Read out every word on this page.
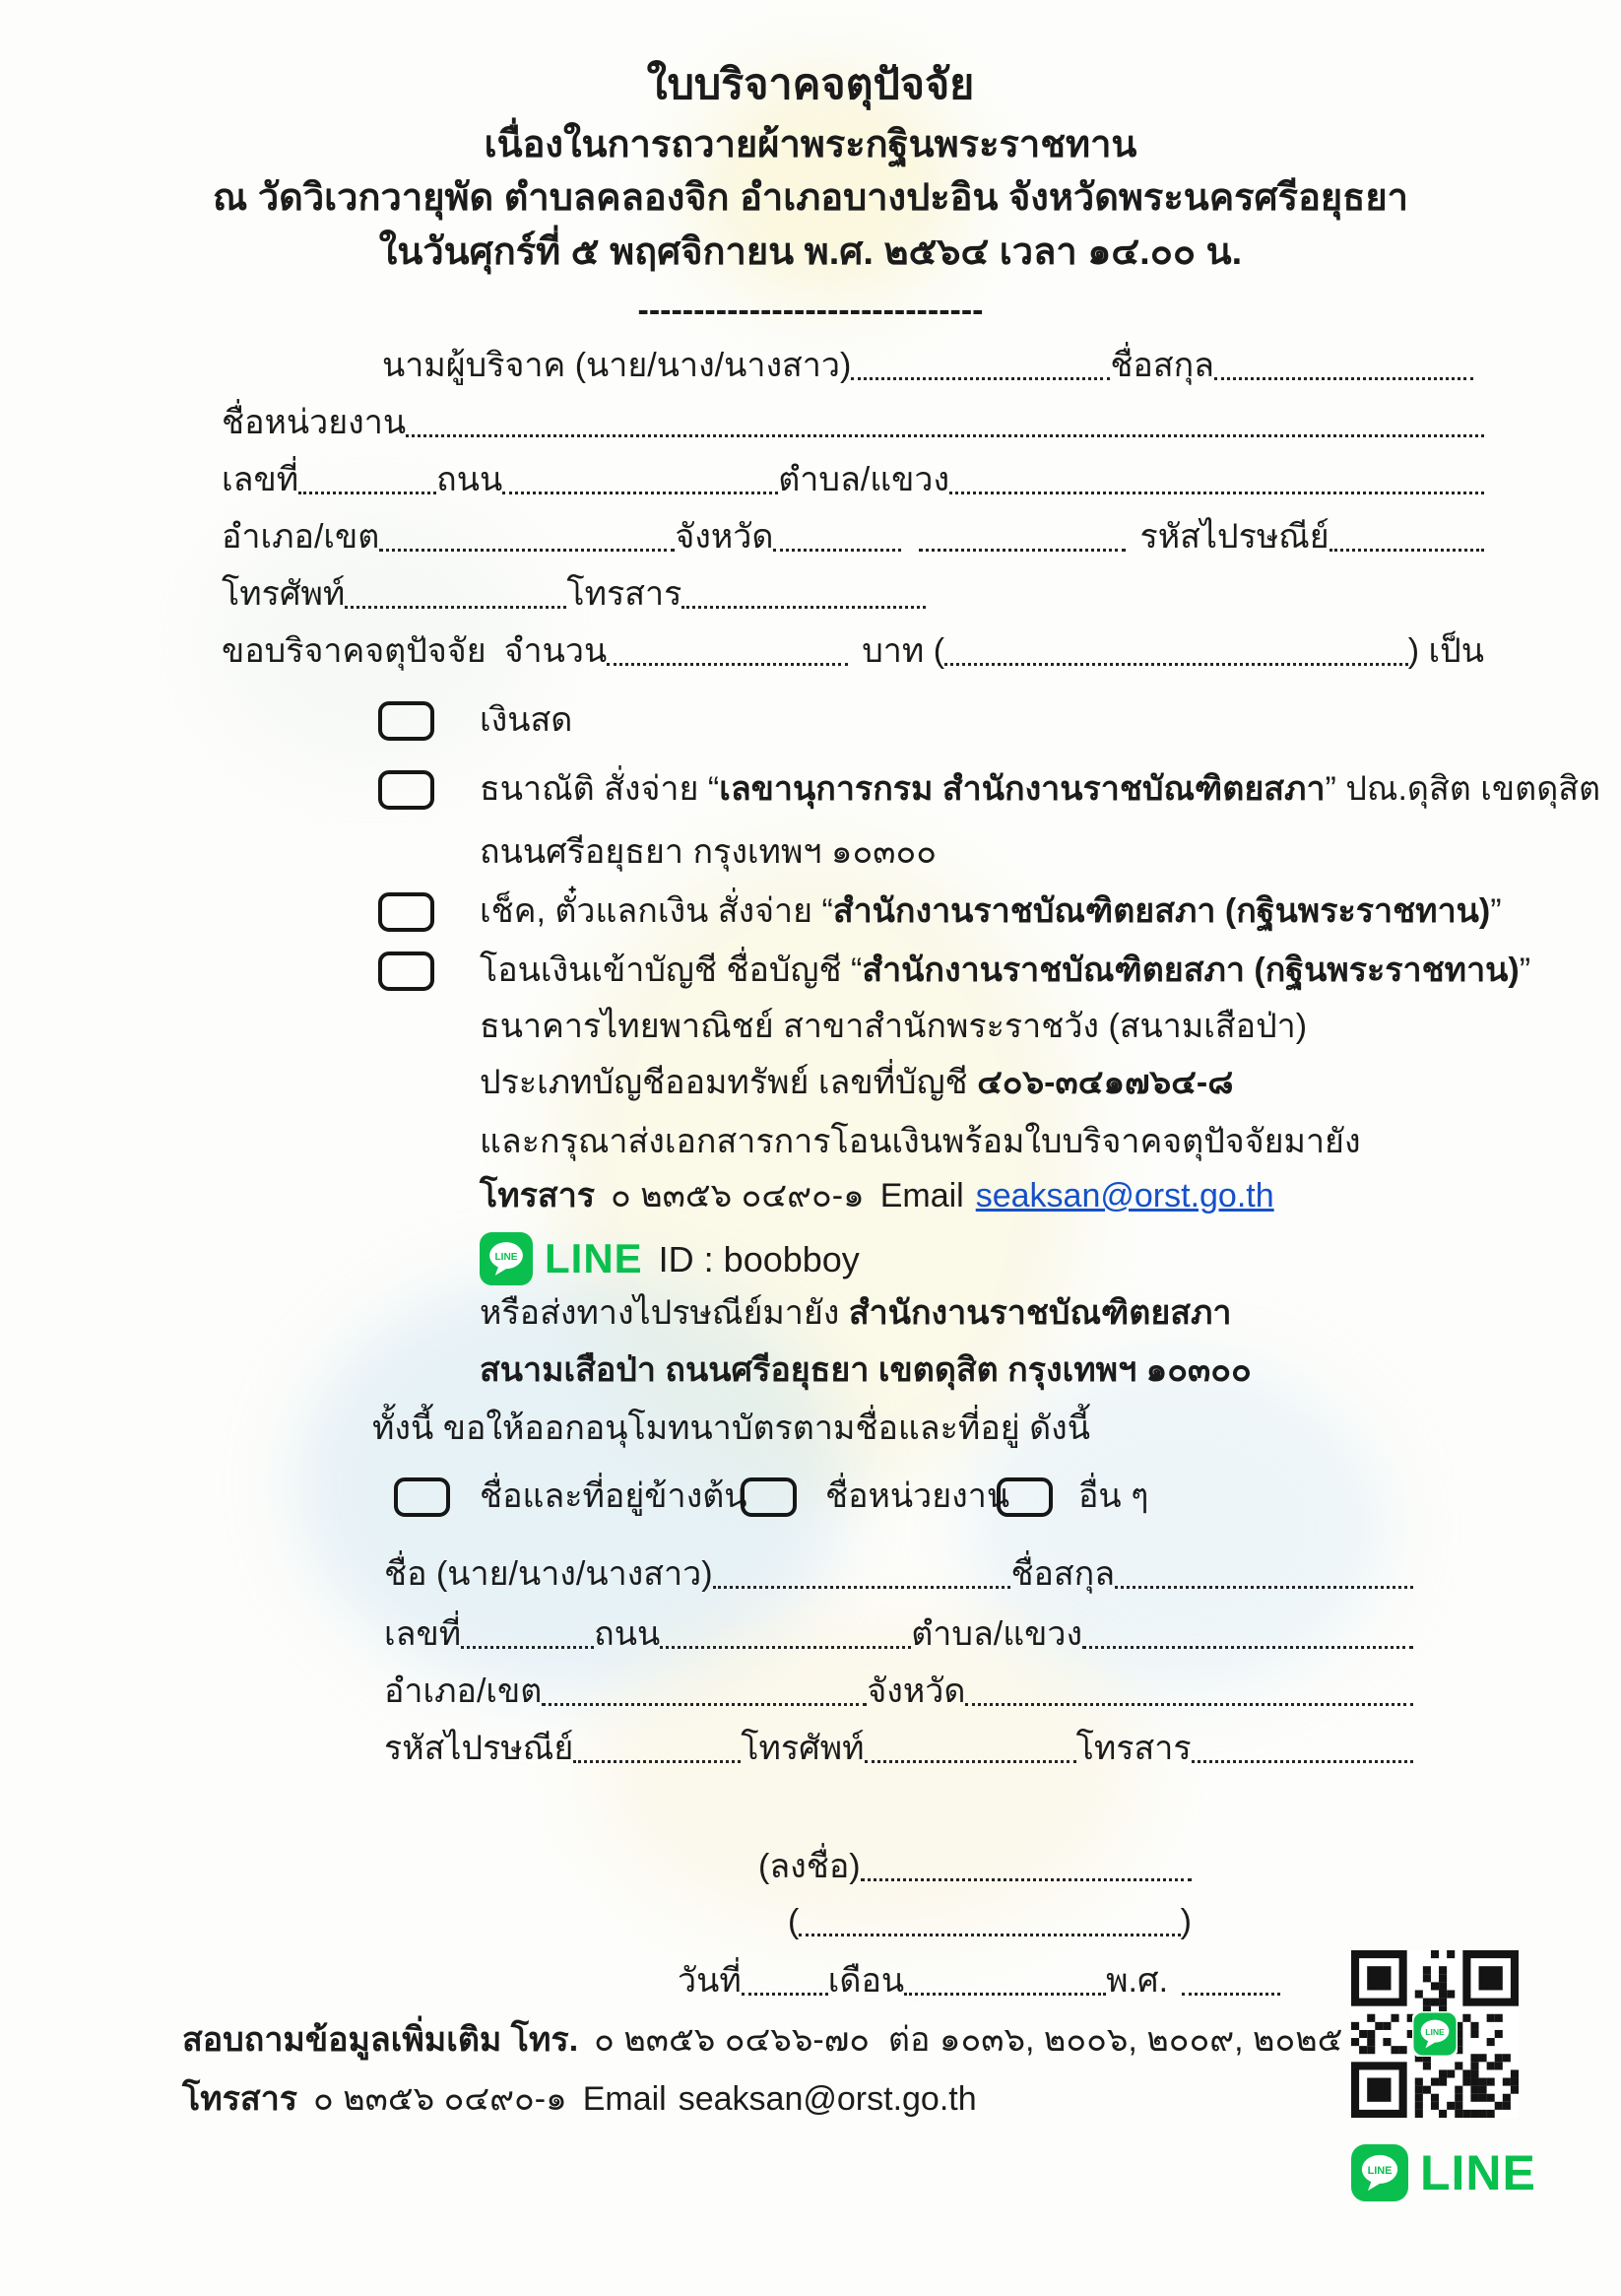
ใบบริจาคจตุปัจจัย
เนื่องในการถวายผ้าพระกฐินพระราชทาน
ณ วัดวิเวกวายุพัด ตำบลคลองจิก อำเภอบางปะอิน จังหวัดพระนครศรีอยุธยา
ในวันศุกร์ที่ ๕ พฤศจิกายน พ.ศ. ๒๕๖๔ เวลา ๑๔.๐๐ น.
-------------------------------
นามผู้บริจาค (นาย/นาง/นางสาว)	ชื่อสกุล
ชื่อหน่วยงาน
เลขที่	ถนน	ตำบล/แขวง
อำเภอ/เขต	จังหวัด	รหัสไปรษณีย์
โทรศัพท์	โทรสาร
ขอบริจาคจตุปัจจัย จำนวน	บาท (	) เป็น
เงินสด
ธนาณัติ สั่งจ่าย “ เลขานุการกรม สำนักงานราชบัณฑิตยสภา ” ปณ.ดุสิต เขตดุสิต
ถนนศรีอยุธยา กรุงเทพฯ ๑๐๓๐๐
เช็ค, ตั๋วแลกเงิน สั่งจ่าย “ สำนักงานราชบัณฑิตยสภา (กฐินพระราชทาน) ”
โอนเงินเข้าบัญชี ชื่อบัญชี “ สำนักงานราชบัณฑิตยสภา (กฐินพระราชทาน) ”
ธนาคารไทยพาณิชย์ สาขาสำนักพระราชวัง (สนามเสือป่า)
ประเภทบัญชีออมทรัพย์ เลขที่บัญชี ๔๐๖-๓๔๑๗๖๔-๘
และกรุณาส่งเอกสารการโอนเงินพร้อมใบบริจาคจตุปัจจัยมายัง
โทรสาร ๐ ๒๓๕๖ ๐๔๙๐-๑ Email seaksan@orst.go.th
LINE LINE ID : boobboy
หรือส่งทางไปรษณีย์มายัง สำนักงานราชบัณฑิตยสภา
สนามเสือป่า ถนนศรีอยุธยา เขตดุสิต กรุงเทพฯ ๑๐๓๐๐
ทั้งนี้ ขอให้ออกอนุโมทนาบัตรตามชื่อและที่อยู่ ดังนี้
ชื่อและที่อยู่ข้างต้น ชื่อหน่วยงาน อื่น ๆ
ชื่อ (นาย/นาง/นางสาว)	ชื่อสกุล
เลขที่	ถนน	ตำบล/แขวง
อำเภอ/เขต	จังหวัด
รหัสไปรษณีย์	โทรศัพท์	โทรสาร
(ลงชื่อ)
(	)
วันที่	เดือน	พ.ศ.
สอบถามข้อมูลเพิ่มเติม โทร. ๐ ๒๓๕๖ ๐๔๖๖-๗๐  ต่อ ๑๐๓๖, ๒๐๐๖, ๒๐๐๙, ๒๐๒๕
โทรสาร ๐ ๒๓๕๖ ๐๔๙๐-๑ Email seaksan@orst.go.th
LINE
LINE LINE
